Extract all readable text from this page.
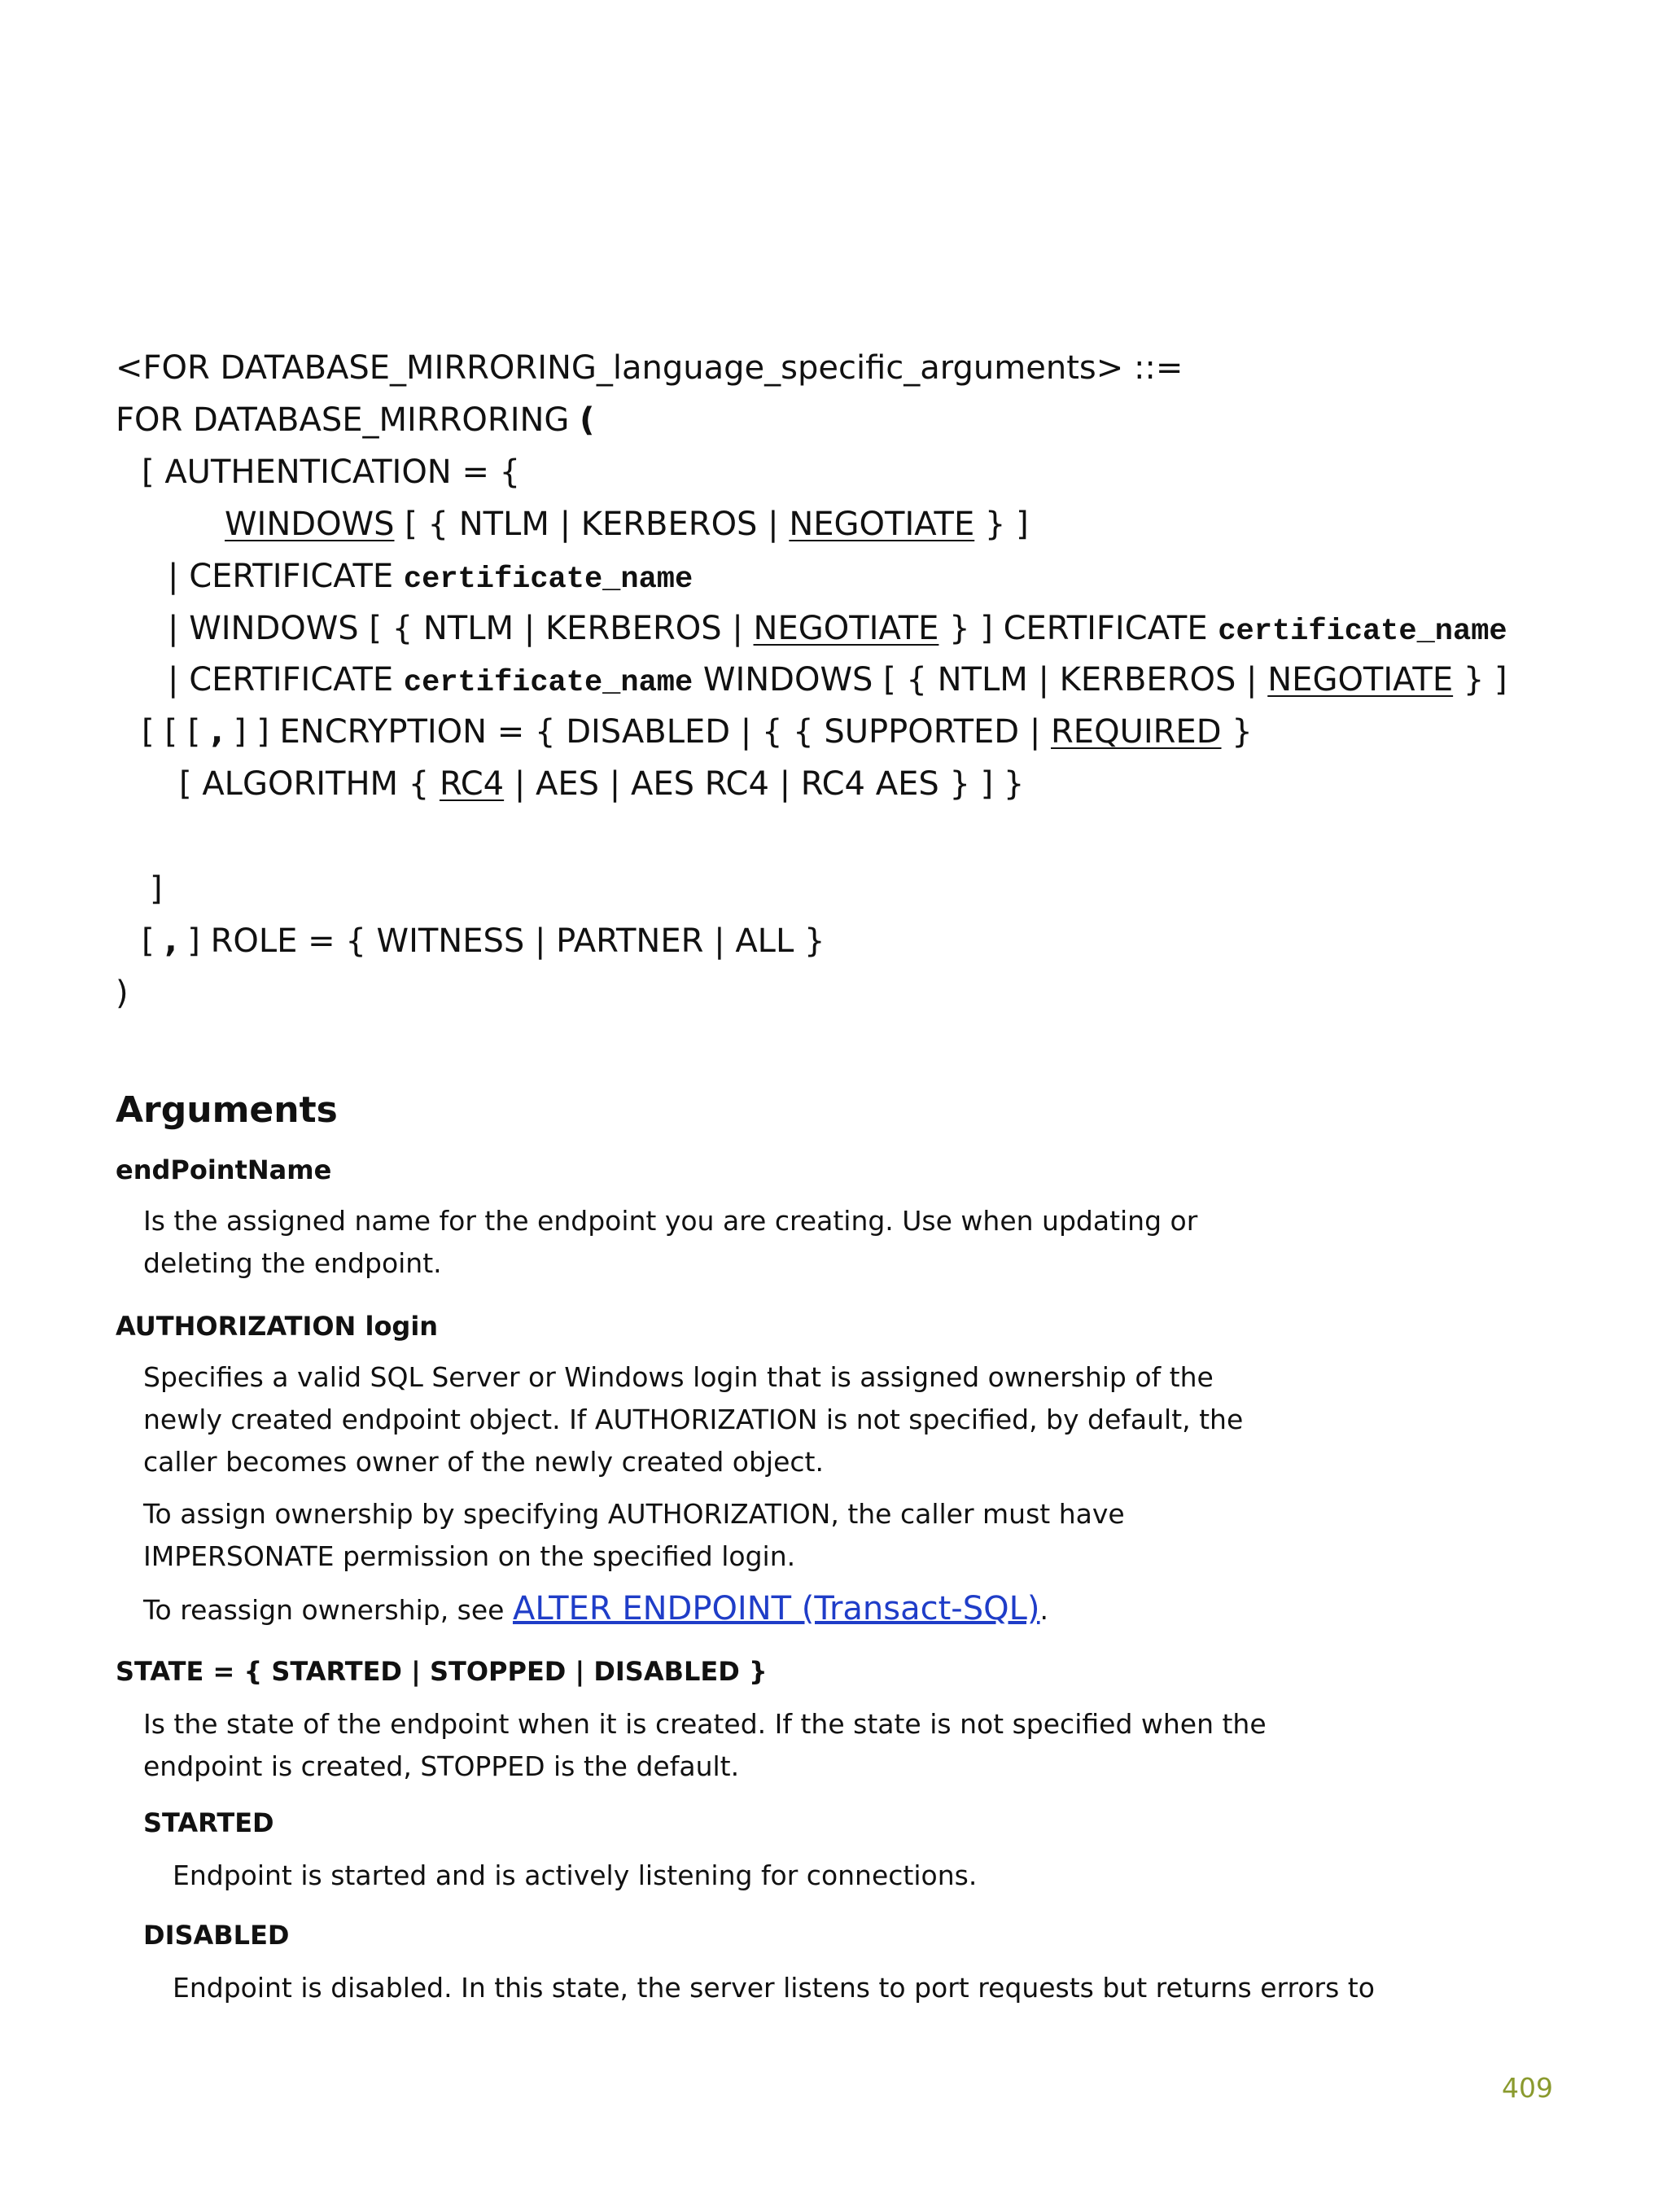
<FOR DATABASE_MIRRORING_language_specific_arguments> ::=
FOR DATABASE_MIRRORING (
[ AUTHENTICATION = {
WINDOWS [ { NTLM | KERBEROS | NEGOTIATE } ]
| CERTIFICATE certificate_name
| WINDOWS [ { NTLM | KERBEROS | NEGOTIATE } ] CERTIFICATE certificate_name
| CERTIFICATE certificate_name WINDOWS [ { NTLM | KERBEROS | NEGOTIATE } ]
[ [ [ , ] ] ENCRYPTION = { DISABLED | { { SUPPORTED | REQUIRED }
[ ALGORITHM { RC4 | AES | AES RC4 | RC4 AES } ] }
]
[ , ] ROLE = { WITNESS | PARTNER | ALL }
)
Arguments
endPointName
Is the assigned name for the endpoint you are creating. Use when updating or deleting the endpoint.
AUTHORIZATION login
Specifies a valid SQL Server or Windows login that is assigned ownership of the newly created endpoint object. If AUTHORIZATION is not specified, by default, the caller becomes owner of the newly created object.
To assign ownership by specifying AUTHORIZATION, the caller must have IMPERSONATE permission on the specified login.
To reassign ownership, see ALTER ENDPOINT (Transact-SQL).
STATE = { STARTED | STOPPED | DISABLED }
Is the state of the endpoint when it is created. If the state is not specified when the endpoint is created, STOPPED is the default.
STARTED
Endpoint is started and is actively listening for connections.
DISABLED
Endpoint is disabled. In this state, the server listens to port requests but returns errors to
409
